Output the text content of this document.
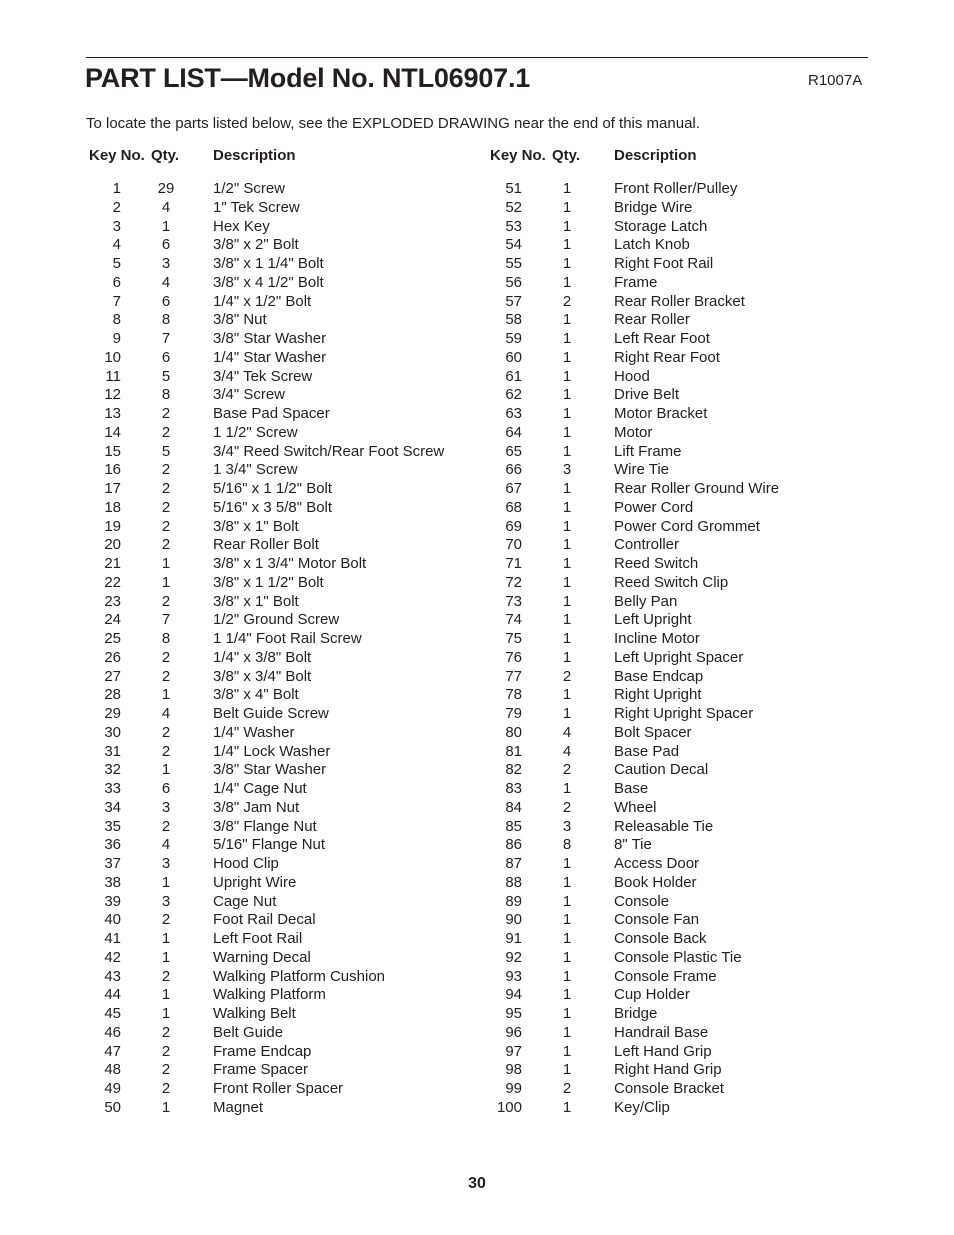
PART LIST—Model No. NTL06907.1	R1007A
To locate the parts listed below, see the EXPLODED DRAWING near the end of this manual.
Key No. Qty. Description
1	29	1/2" Screw
2	4	1" Tek Screw
3	1	Hex Key
4	6	3/8" x 2" Bolt
5	3	3/8" x 1 1/4" Bolt
6	4	3/8" x 4 1/2" Bolt
7	6	1/4" x 1/2" Bolt
8	8	3/8" Nut
9	7	3/8" Star Washer
10	6	1/4" Star Washer
11	5	3/4" Tek Screw
12	8	3/4" Screw
13	2	Base Pad Spacer
14	2	1 1/2" Screw
15	5	3/4" Reed Switch/Rear Foot Screw
16	2	1 3/4" Screw
17	2	5/16" x 1 1/2" Bolt
18	2	5/16" x 3 5/8" Bolt
19	2	3/8" x 1" Bolt
20	2	Rear Roller Bolt
21	1	3/8" x 1 3/4" Motor Bolt
22	1	3/8" x 1 1/2" Bolt
23	2	3/8" x 1" Bolt
24	7	1/2" Ground Screw
25	8	1 1/4" Foot Rail Screw
26	2	1/4" x 3/8" Bolt
27	2	3/8" x 3/4" Bolt
28	1	3/8" x 4" Bolt
29	4	Belt Guide Screw
30	2	1/4" Washer
31	2	1/4" Lock Washer
32	1	3/8" Star Washer
33	6	1/4" Cage Nut
34	3	3/8" Jam Nut
35	2	3/8" Flange Nut
36	4	5/16" Flange Nut
37	3	Hood Clip
38	1	Upright Wire
39	3	Cage Nut
40	2	Foot Rail Decal
41	1	Left Foot Rail
42	1	Warning Decal
43	2	Walking Platform Cushion
44	1	Walking Platform
45	1	Walking Belt
46	2	Belt Guide
47	2	Frame Endcap
48	2	Frame Spacer
49	2	Front Roller Spacer
50	1	Magnet
Key No. Qty. Description
51	1	Front Roller/Pulley
52	1	Bridge Wire
53	1	Storage Latch
54	1	Latch Knob
55	1	Right Foot Rail
56	1	Frame
57	2	Rear Roller Bracket
58	1	Rear Roller
59	1	Left Rear Foot
60	1	Right Rear Foot
61	1	Hood
62	1	Drive Belt
63	1	Motor Bracket
64	1	Motor
65	1	Lift Frame
66	3	Wire Tie
67	1	Rear Roller Ground Wire
68	1	Power Cord
69	1	Power Cord Grommet
70	1	Controller
71	1	Reed Switch
72	1	Reed Switch Clip
73	1	Belly Pan
74	1	Left Upright
75	1	Incline Motor
76	1	Left Upright Spacer
77	2	Base Endcap
78	1	Right Upright
79	1	Right Upright Spacer
80	4	Bolt Spacer
81	4	Base Pad
82	2	Caution Decal
83	1	Base
84	2	Wheel
85	3	Releasable Tie
86	8	8" Tie
87	1	Access Door
88	1	Book Holder
89	1	Console
90	1	Console Fan
91	1	Console Back
92	1	Console Plastic Tie
93	1	Console Frame
94	1	Cup Holder
95	1	Bridge
96	1	Handrail Base
97	1	Left Hand Grip
98	1	Right Hand Grip
99	2	Console Bracket
100	1	Key/Clip
30
